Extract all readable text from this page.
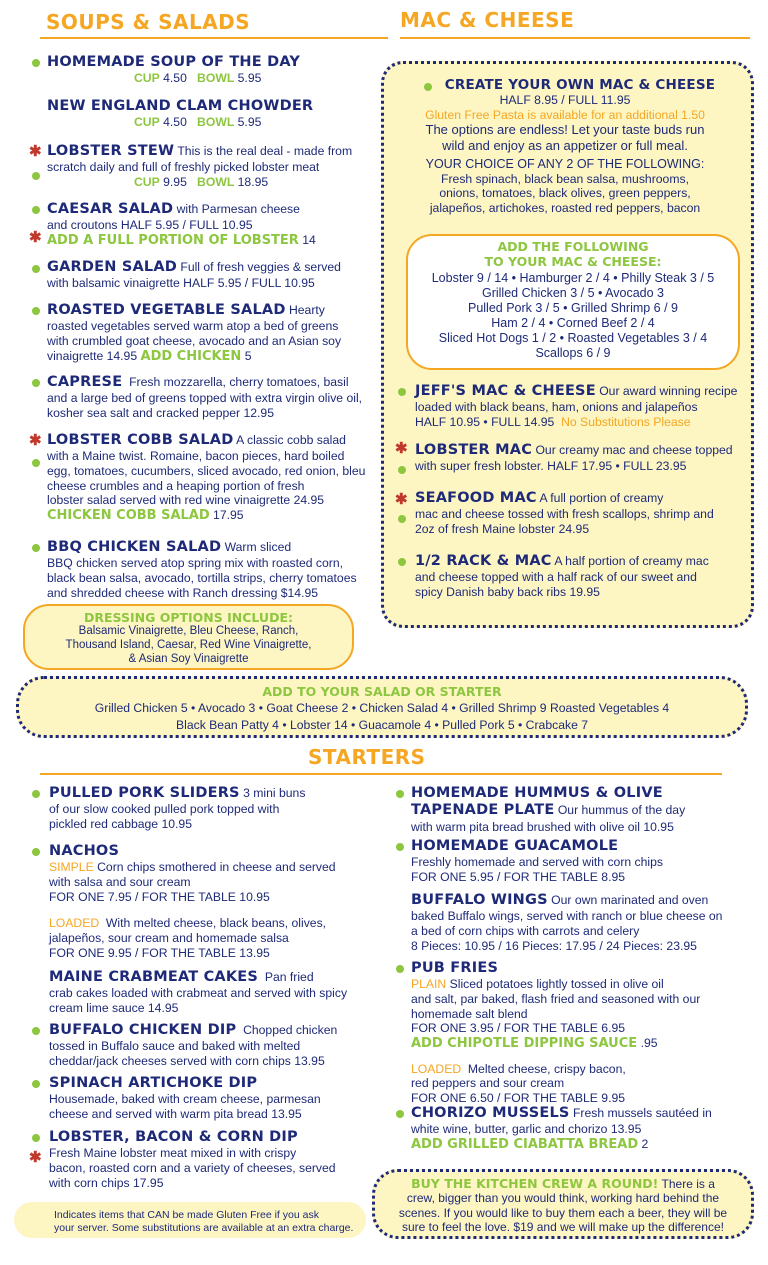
SOUPS & SALADS	MAC & CHEESE
HOMEMADE SOUP OF THE DAY
CUP 4.50 BOWL 5.95
NEW ENGLAND CLAM CHOWDER
CUP 4.50 BOWL 5.95
✱ LOBSTER STEW This is the real deal - made from
scratch daily and full of freshly picked lobster meat
CUP 9.95 BOWL 18.95
✱
CAESAR SALAD with Parmesan cheese
and croutons HALF 5.95 / FULL 10.95
ADD A FULL PORTION OF LOBSTER 14
GARDEN SALAD Full of fresh veggies & served
with balsamic vinaigrette HALF 5.95 / FULL 10.95
ROASTED VEGETABLE SALAD Hearty
roasted vegetables served warm atop a bed of greens
with crumbled goat cheese, avocado and an Asian soy
vinaigrette 14.95 ADD CHICKEN 5
CAPRESE Fresh mozzarella, cherry tomatoes, basil
and a large bed of greens topped with extra virgin olive oil,
kosher sea salt and cracked pepper 12.95
✱ LOBSTER COBB SALAD A classic cobb salad
with a Maine twist. Romaine, bacon pieces, hard boiled
egg, tomatoes, cucumbers, sliced avocado, red onion, bleu
cheese crumbles and a heaping portion of fresh
lobster salad served with red wine vinaigrette 24.95
CHICKEN COBB SALAD 17.95
BBQ CHICKEN SALAD Warm sliced
BBQ chicken served atop spring mix with roasted corn,
black bean salsa, avocado, tortilla strips, cherry tomatoes
and shredded cheese with Ranch dressing $14.95
DRESSING OPTIONS INCLUDE:
Balsamic Vinaigrette, Bleu Cheese, Ranch,
Thousand Island, Caesar, Red Wine Vinaigrette,
& Asian Soy Vinaigrette
CREATE YOUR OWN MAC & CHEESE
HALF 8.95 / FULL 11.95
Gluten Free Pasta is available for an additional 1.50
The options are endless! Let your taste buds run
wild and enjoy as an appetizer or full meal.
YOUR CHOICE OF ANY 2 OF THE FOLLOWING:
Fresh spinach, black bean salsa, mushrooms,
onions, tomatoes, black olives, green peppers,
jalapeños, artichokes, roasted red peppers, bacon
ADD THE FOLLOWING
TO YOUR MAC & CHEESE:
Lobster 9 / 14 • Hamburger 2 / 4 • Philly Steak 3 / 5
Grilled Chicken 3 / 5 • Avocado 3
Pulled Pork 3 / 5 • Grilled Shrimp 6 / 9
Ham 2 / 4 • Corned Beef 2 / 4
Sliced Hot Dogs 1 / 2 • Roasted Vegetables 3 / 4
Scallops 6 / 9
JEFF'S MAC & CHEESE Our award winning recipe
loaded with black beans, ham, onions and jalapeños
HALF 10.95 • FULL 14.95 No Substitutions Please
✱ LOBSTER MAC Our creamy mac and cheese topped
with super fresh lobster. HALF 17.95 • FULL 23.95
✱ SEAFOOD MAC A full portion of creamy
mac and cheese tossed with fresh scallops, shrimp and
2oz of fresh Maine lobster 24.95
1/2 RACK & MAC A half portion of creamy mac
and cheese topped with a half rack of our sweet and
spicy Danish baby back ribs 19.95
ADD TO YOUR SALAD OR STARTER
Grilled Chicken 5 • Avocado 3 • Goat Cheese 2 • Chicken Salad 4 • Grilled Shrimp 9 Roasted Vegetables 4
Black Bean Patty 4 • Lobster 14 • Guacamole 4 • Pulled Pork 5 • Crabcake 7
STARTERS
PULLED PORK SLIDERS 3 mini buns
of our slow cooked pulled pork topped with
pickled red cabbage 10.95
NACHOS
SIMPLE Corn chips smothered in cheese and served
with salsa and sour cream
FOR ONE 7.95 / FOR THE TABLE 10.95
LOADED With melted cheese, black beans, olives,
jalapeños, sour cream and homemade salsa
FOR ONE 9.95 / FOR THE TABLE 13.95
MAINE CRABMEAT CAKES Pan fried
crab cakes loaded with crabmeat and served with spicy
cream lime sauce 14.95
BUFFALO CHICKEN DIP Chopped chicken
tossed in Buffalo sauce and baked with melted
cheddar/jack cheeses served with corn chips 13.95
SPINACH ARTICHOKE DIP
Housemade, baked with cream cheese, parmesan
cheese and served with warm pita bread 13.95
✱
LOBSTER, BACON & CORN DIP
Fresh Maine lobster meat mixed in with crispy
bacon, roasted corn and a variety of cheeses, served
with corn chips 17.95
HOMEMADE HUMMUS & OLIVE
TAPENADE PLATE Our hummus of the day
with warm pita bread brushed with olive oil 10.95
HOMEMADE GUACAMOLE
Freshly homemade and served with corn chips
FOR ONE 5.95 / FOR THE TABLE 8.95
BUFFALO WINGS Our own marinated and oven
baked Buffalo wings, served with ranch or blue cheese on
a bed of corn chips with carrots and celery
8 Pieces: 10.95 / 16 Pieces: 17.95 / 24 Pieces: 23.95
PUB FRIES
PLAIN Sliced potatoes lightly tossed in olive oil
and salt, par baked, flash fried and seasoned with our
homemade salt blend
FOR ONE 3.95 / FOR THE TABLE 6.95
ADD CHIPOTLE DIPPING SAUCE .95
LOADED Melted cheese, crispy bacon,
red peppers and sour cream
FOR ONE 6.50 / FOR THE TABLE 9.95
CHORIZO MUSSELS Fresh mussels sautéed in
white wine, butter, garlic and chorizo 13.95
ADD GRILLED CIABATTA BREAD 2
Indicates items that CAN be made Gluten Free if you ask
your server. Some substitutions are available at an extra charge.
BUY THE KITCHEN CREW A ROUND! There is a
crew, bigger than you would think, working hard behind the
scenes. If you would like to buy them each a beer, they will be
sure to feel the love. $19 and we will make up the difference!
